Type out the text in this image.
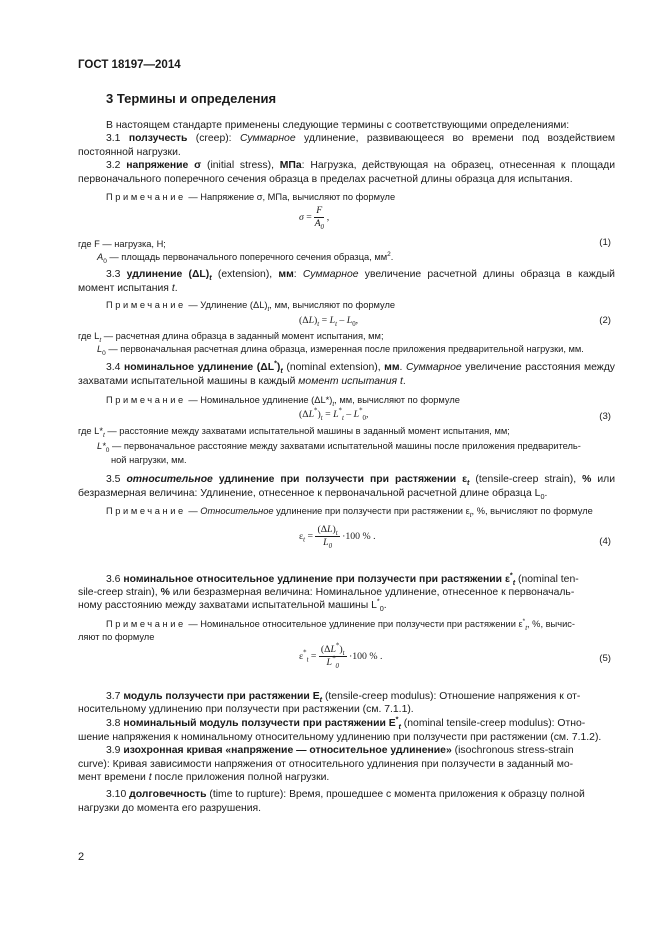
ГОСТ 18197—2014
3 Термины и определения
В настоящем стандарте применены следующие термины с соответствующими определениями:
3.1 ползучесть (creep): Суммарное удлинение, развивающееся во времени под воздействием постоянной нагрузки.
3.2 напряжение σ (initial stress), МПа: Нагрузка, действующая на образец, отнесенная к площади первоначального поперечного сечения образца в пределах расчетной длины образца для испытания.
Примечание — Напряжение σ, МПа, вычисляют по формуле
$\sigma = \frac{F}{A_0}$ ,
(1)
где F — нагрузка, Н;
$A_0$ — площадь первоначального поперечного сечения образца, $мм^2$.
3.3 удлинение $(\Delta L)_t$ (extension), мм: Суммарное увеличение расчетной длины образца в каждый момент испытания t.
Примечание — Удлинение $(\Delta L)_t$, мм, вычисляют по формуле
$(\Delta L)_t = L_t - L_0$,	(2)
где $L_t$ — расчетная длина образца в заданный момент испытания, мм;
$L_0$ — первоначальная расчетная длина образца, измеренная после приложения предварительной нагрузки, мм.
3.4 номинальное удлинение $(\Delta L^*)_t$ (nominal extension), мм. Суммарное увеличение расстояния между захватами испытательной машины в каждый момент испытания t.
Примечание — Номинальное удлинение $(\Delta L*)_t$, мм, вычисляют по формуле
$(\Delta L^*)_t = L^*_t - L^*_0$,	(3)
где $L*_t$ — расстояние между захватами испытательной машины в заданный момент испытания, мм;
$L*_0$ — первоначальное расстояние между захватами испытательной машины после приложения предваритель-
ной нагрузки, мм.
3.5 относительное удлинение при ползучести при растяжении $\varepsilon_t$ (tensile-creep strain), % или безразмерная величина: Удлинение, отнесенное к первоначальной расчетной длине образца $L_0$.
Примечание — Относительное удлинение при ползучести при растяжении $\varepsilon_t$, %, вычисляют по формуле
$\varepsilon_t = \frac{(\Delta L)_t}{L_0} \cdot 100$ % .	(4)
3.6 номинальное относительное удлинение при ползучести при растяжении $\varepsilon^*_t$ (nominal ten-
sile-creep strain), % или безразмерная величина: Номинальное удлинение, отнесенное к первоначаль-
ному расстоянию между захватами испытательной машины $L^*_0$.
Примечание — Номинальное относительное удлинение при ползучести при растяжении $\varepsilon^*_t$, %, вычис-
ляют по формуле
$\varepsilon^*_t = \frac{(\Delta L^*)_t}{L^*_0} \cdot 100$ % .	(5)
3.7 модуль ползучести при растяжении $E_t$ (tensile-creep modulus): Отношение напряжения к от-
носительному удлинению при ползучести при растяжении (см. 7.1.1).
3.8 номинальный модуль ползучести при растяжении $E^*_t$ (nominal tensile-creep modulus): Отно-
шение напряжения к номинальному относительному удлинению при ползучести при растяжении (см. 7.1.2).
3.9 изохронная кривая «напряжение — относительное удлинение» (isochronous stress-strain
curve): Кривая зависимости напряжения от относительного удлинения при ползучести в заданный мо-
мент времени t после приложения полной нагрузки.
3.10 долговечность (time to rupture): Время, прошедшее с момента приложения к образцу полной
нагрузки до момента его разрушения.
2
